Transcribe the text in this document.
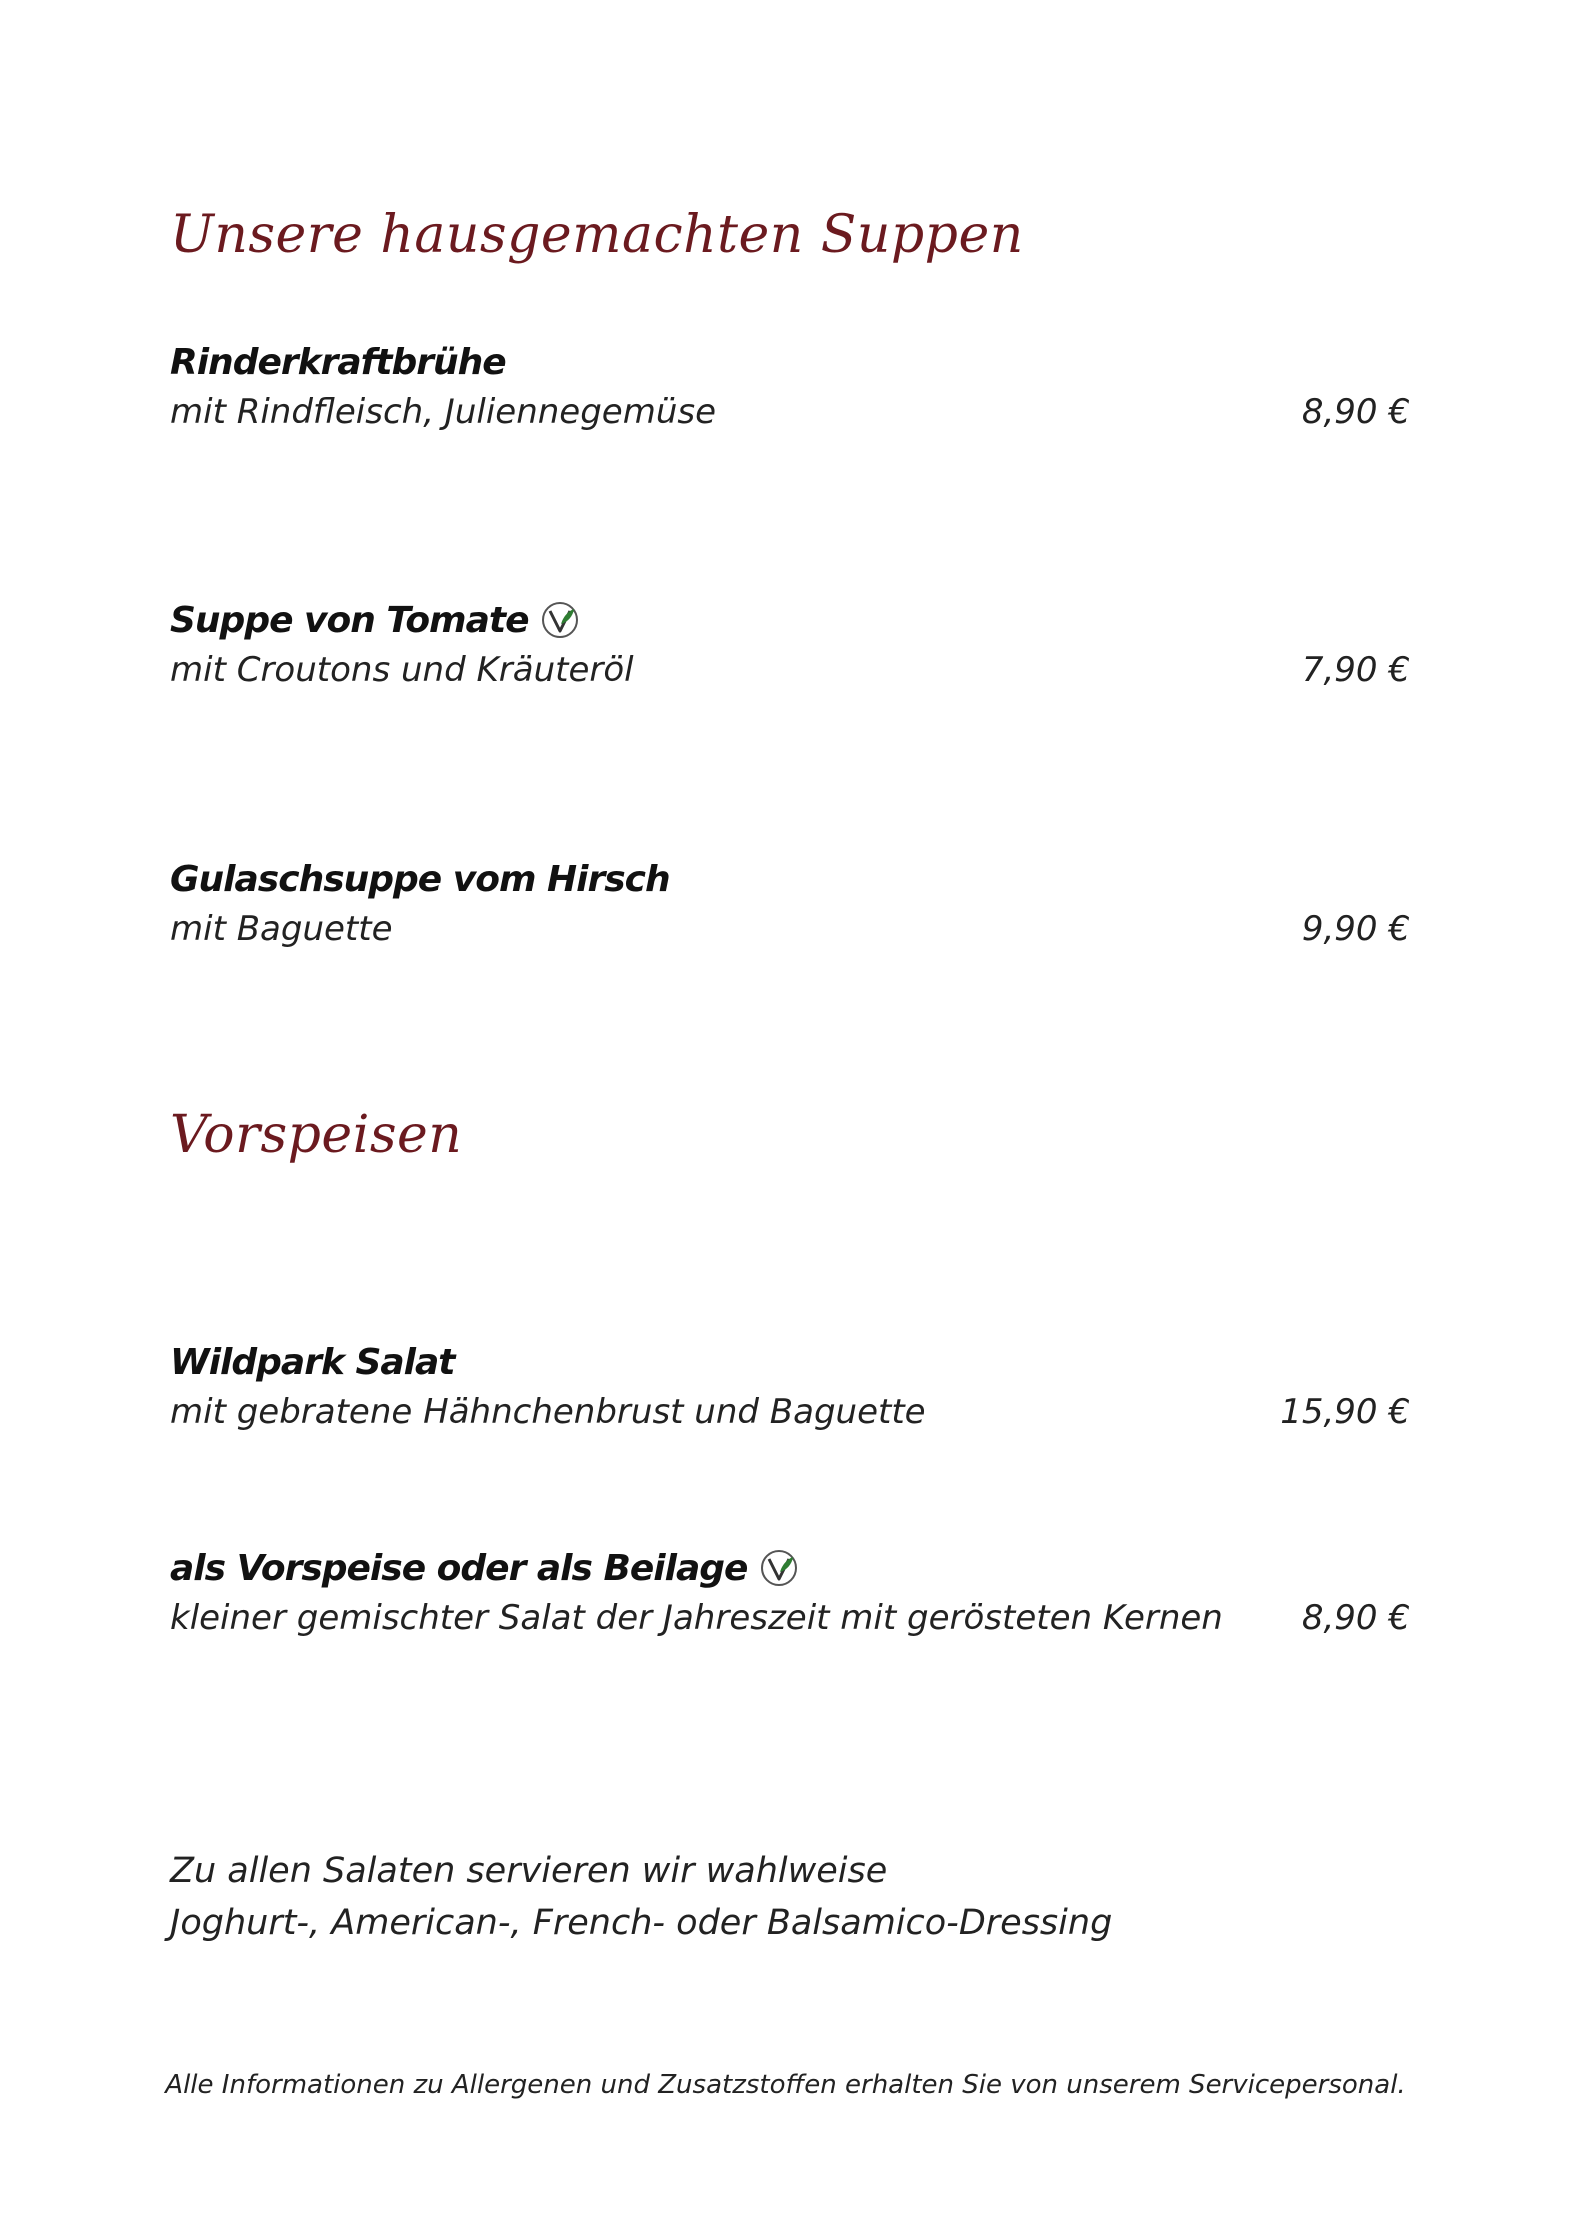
Unsere hausgemachten Suppen
Rinderkraftbrühe
mit Rindfleisch, Juliennegemüse	8,90 €
Suppe von Tomate
mit Croutons und Kräuteröl	7,90 €
Gulaschsuppe vom Hirsch
mit Baguette	9,90 €
Vorspeisen
Wildpark Salat
mit gebratene Hähnchenbrust und Baguette	15,90 €
als Vorspeise oder als Beilage
kleiner gemischter Salat der Jahreszeit mit gerösteten Kernen 8,90 €
Zu allen Salaten servieren wir wahlweise
Joghurt-, American-, French- oder Balsamico-Dressing
Alle Informationen zu Allergenen und Zusatzstoffen erhalten Sie von unserem Servicepersonal.
